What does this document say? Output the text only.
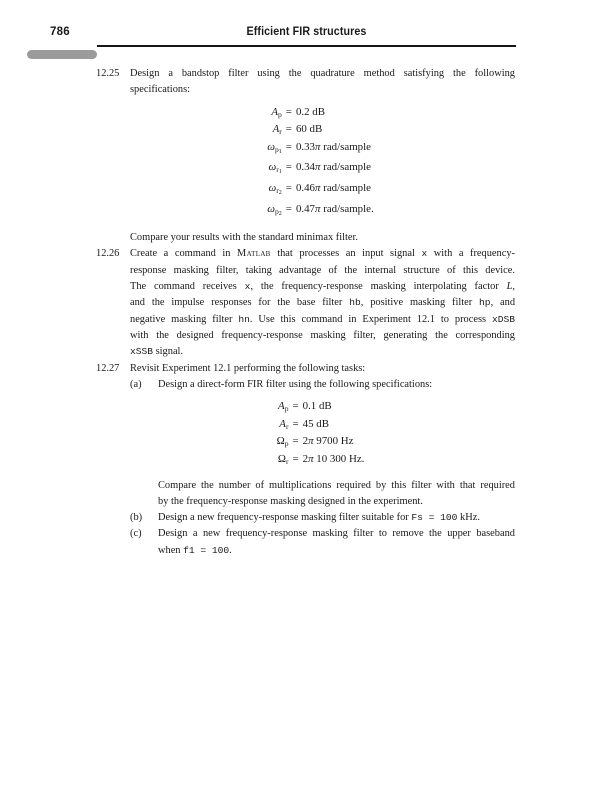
786	Efficient FIR structures
12.25 Design a bandstop filter using the quadrature method satisfying the following
specifications:
Ap = 0.2 dB
Ar = 60 dB
$\omega p_1 = 0.33\pi$ rad/sample
$\omega r_1 = 0.34\pi$ rad/sample
$\omega r_2 = 0.46\pi$ rad/sample
$\omega p_2 = 0.47\pi$ rad/sample.
Compare your results with the standard minimax filter.
12.26 Create a command in Matlab that processes an input signal x with a frequency-
response masking filter, taking advantage of the internal structure of this device.
The command receives x, the frequency-response masking interpolating factor L,
and the impulse responses for the base filter hb, positive masking filter hp, and
negative masking filter hn. Use this command in Experiment 12.1 to process xDSB
with the designed frequency-response masking filter, generating the corresponding
xSSB signal.
12.27 Revisit Experiment 12.1 performing the following tasks:
(a) Design a direct-form FIR filter using the following specifications:
Ap = 0.1 dB
Ar = 45 dB
Ωp = 2π 9700 Hz
Ωr = 2π 10 300 Hz.
Compare the number of multiplications required by this filter with that required
by the frequency-response masking designed in the experiment.
(b) Design a new frequency-response masking filter suitable for Fs = 100 kHz.
(c) Design a new frequency-response masking filter to remove the upper baseband
when f1 = 100.
